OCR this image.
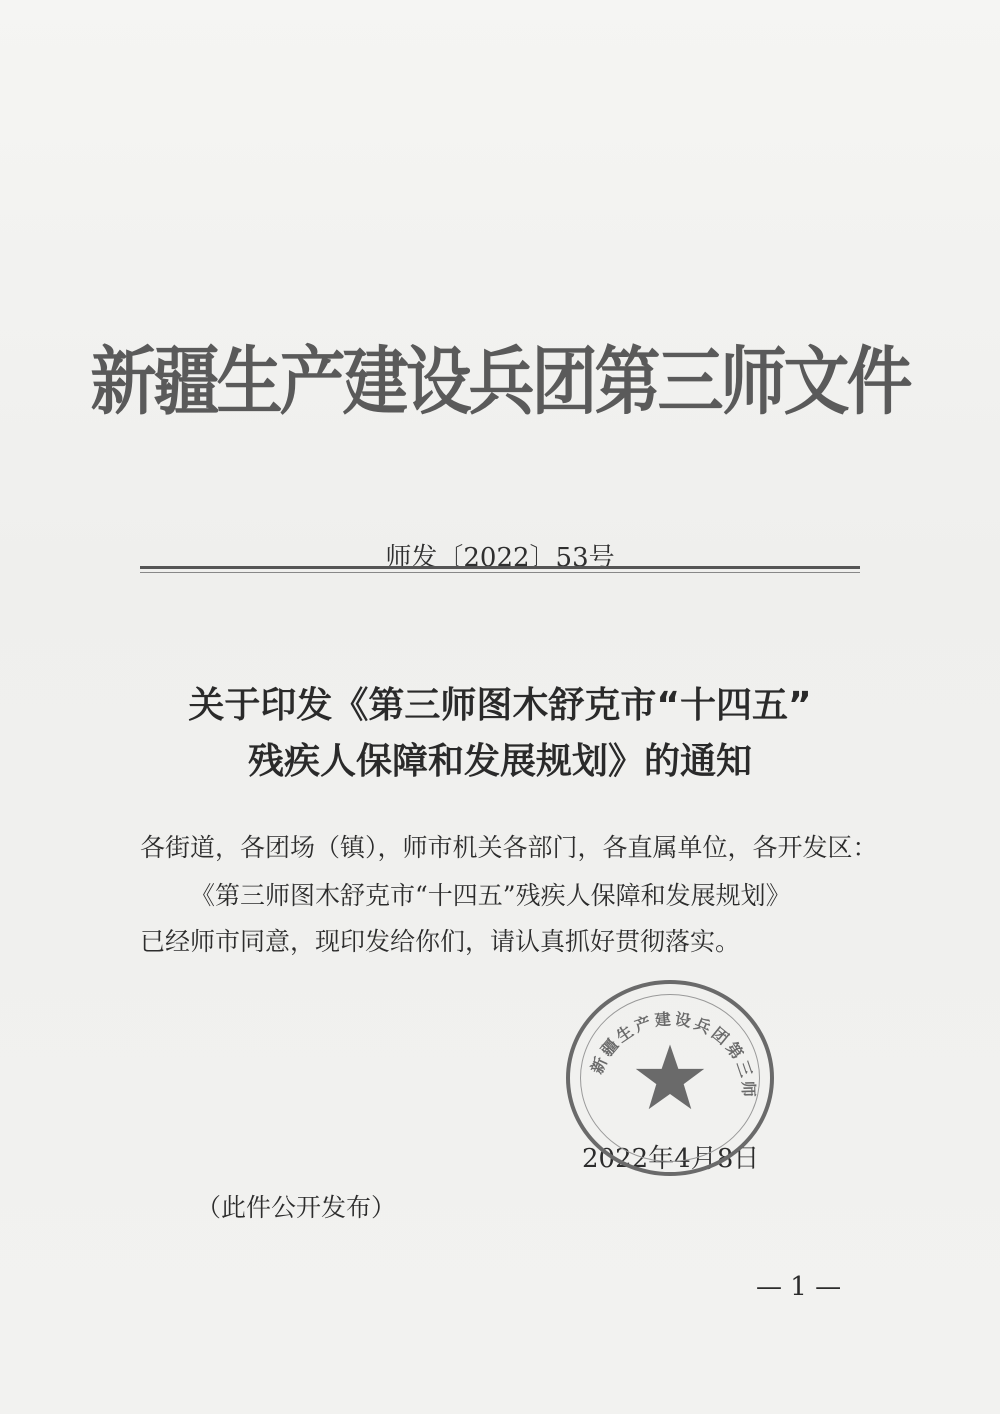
新疆生产建设兵团第三师文件
师发〔2022〕53号
关于印发《第三师图木舒克市“十四五”
残疾人保障和发展规划》的通知
各街道，各团场（镇），师市机关各部门，各直属单位，各开发区：
《第三师图木舒克市“十四五”残疾人保障和发展规划》
已经师市同意，现印发给你们，请认真抓好贯彻落实。
2022年4月8日
新疆生产建设兵团第三师
（此件公开发布）
— 1 —
